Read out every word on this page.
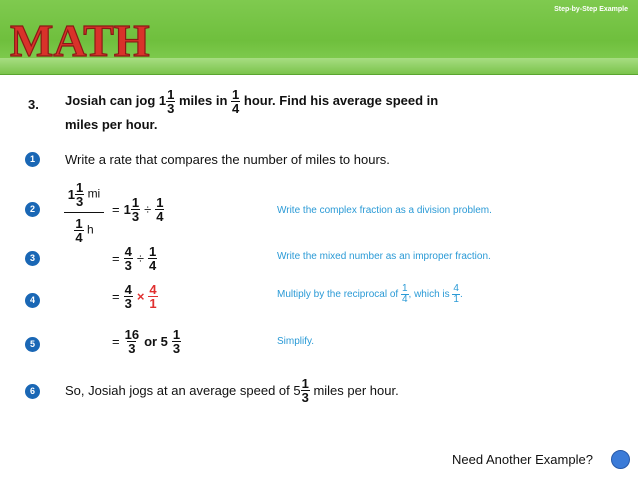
Step-by-Step Example
MATH
3. Josiah can jog $1 \frac{1}{3}$ miles in $\frac{1}{4}$ hour. Find his average speed in miles per hour.
1	Write a rate that compares the number of miles to hours.
$1 \frac{1}{3}$ mi
$\frac{1}{4}$ h
2	= $1 \frac{1}{3} \div \frac{1}{4}$	Write the complex fraction as a division problem.
3	= $\frac{4}{3} \div \frac{1}{4}$	Write the mixed number as an improper fraction.
4	= $\frac{4}{3} \times \frac{4}{1}$	Multiply by the reciprocal of $\frac{1}{4}$ , which is $\frac{4}{1}$ .
5	= $\frac{16}{3}$ or $5 \frac{1}{3}$	Simplify.
6	So, Josiah jogs at an average speed of $5 \frac{1}{3}$ miles per hour.
Need Another Example?
